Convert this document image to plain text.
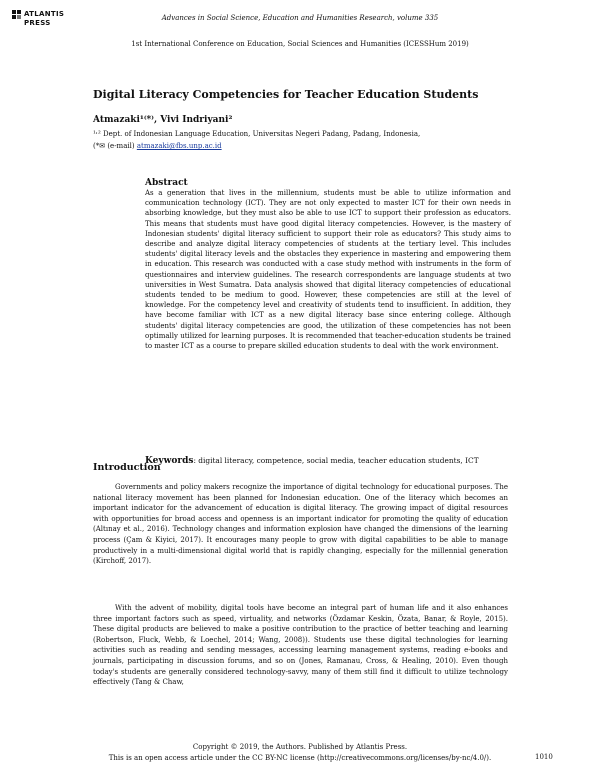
ATLANTIS
PRESS
Advances in Social Science, Education and Humanities Research, volume 335
1st International Conference on Education, Social Sciences and Humanities (ICESSHum 2019)
Digital Literacy Competencies for Teacher Education Students
Atmazaki¹⁽*⁾, Vivi Indriyani²
¹˒² Dept. of Indonesian Language Education, Universitas Negeri Padang, Padang, Indonesia,
(*✉ (e-mail) atmazaki@fbs.unp.ac.id
Abstract
As a generation that lives in the millennium, students must be able to utilize information and communication technology (ICT). They are not only expected to master ICT for their own needs in absorbing knowledge, but they must also be able to use ICT to support their profession as educators. This means that students must have good digital literacy competencies. However, is the mastery of Indonesian students' digital literacy sufficient to support their role as educators? This study aims to describe and analyze digital literacy competencies of students at the tertiary level. This includes students' digital literacy levels and the obstacles they experience in mastering and empowering them in education. This research was conducted with a case study method with instruments in the form of questionnaires and interview guidelines. The research correspondents are language students at two universities in West Sumatra. Data analysis showed that digital literacy competencies of educational students tended to be medium to good. However, these competencies are still at the level of knowledge. For the competency level and creativity of students tend to insufficient. In addition, they have become familiar with ICT as a new digital literacy base since entering college. Although students' digital literacy competencies are good, the utilization of these competencies has not been optimally utilized for learning purposes. It is recommended that teacher-education students be trained to master ICT as a course to prepare skilled education students to deal with the work environment.
Keywords: digital literacy, competence, social media, teacher education students, ICT
Introduction
Governments and policy makers recognize the importance of digital technology for educational purposes. The national literacy movement has been planned for Indonesian education. One of the literacy which becomes an important indicator for the advancement of education is digital literacy. The growing impact of digital resources with opportunities for broad access and openness is an important indicator for promoting the quality of education (Altınay et al., 2016). Technology changes and information explosion have changed the dimensions of the learning process (Çam & Kiyici, 2017). It encourages many people to grow with digital capabilities to be able to manage productively in a multi-dimensional digital world that is rapidly changing, especially for the millennial generation (Kirchoff, 2017).
With the advent of mobility, digital tools have become an integral part of human life and it also enhances three important factors such as speed, virtuality, and networks (Özdamar Keskin, Özata, Banar, & Royle, 2015). These digital products are believed to make a positive contribution to the practice of better teaching and learning (Robertson, Fluck, Webb, & Loechel, 2014; Wang, 2008)). Students use these digital technologies for learning activities such as reading and sending messages, accessing learning management systems, reading e-books and journals, participating in discussion forums, and so on (Jones, Ramanau, Cross, & Healing, 2010). Even though today's students are generally considered technology-savvy, many of them still find it difficult to utilize technology effectively (Tang & Chaw,
Copyright © 2019, the Authors. Published by Atlantis Press.
This is an open access article under the CC BY-NC license (http://creativecommons.org/licenses/by-nc/4.0/).	1010
